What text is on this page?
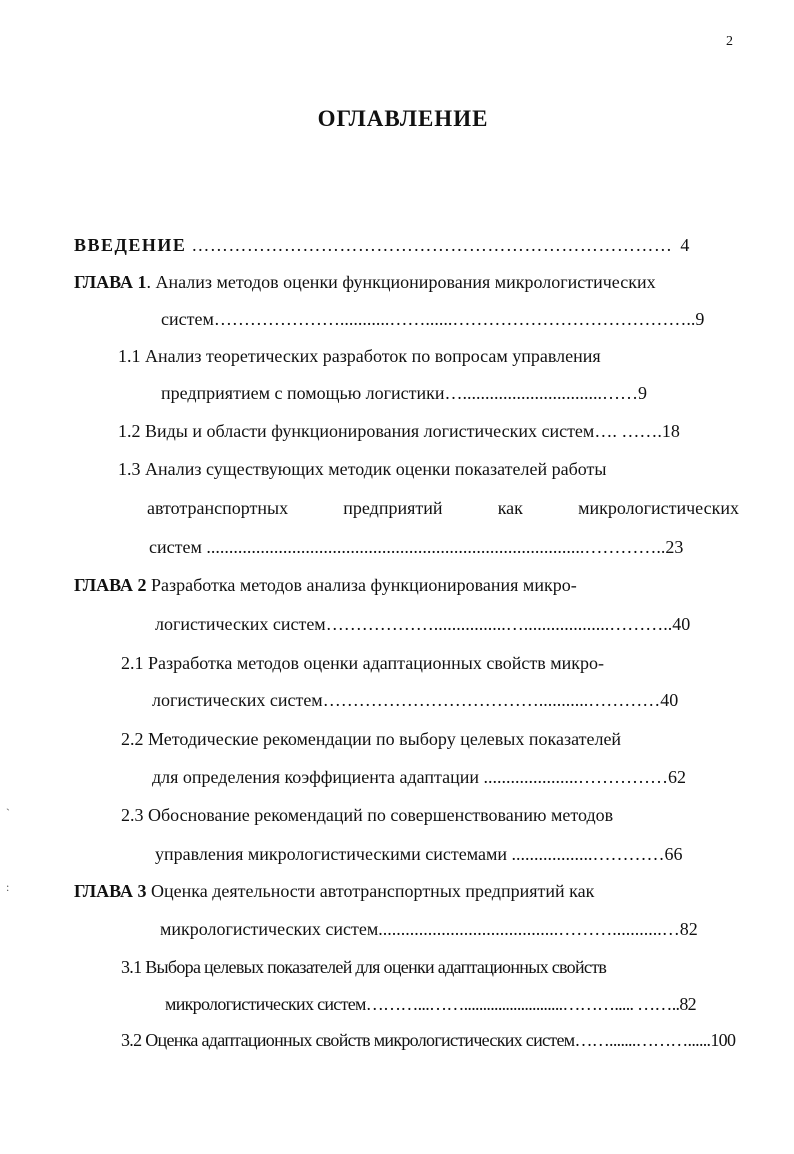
2
ОГЛАВЛЕНИЕ
ВВЕДЕНИЕ …………………………………………………………………… 4
ГЛАВА 1. Анализ методов оценки функционирования микрологистических
систем…………………...........……......…………………………………..9
1.1 Анализ теоретических разработок по вопросам управления
предприятием с помощью логистики…...............................……9
1.2 Виды и области функционирования логистических систем…. …….18
1.3 Анализ существующих методик оценки показателей работы
автотранспортных	предприятий	как	микрологистических
систем ....................................................................................…………..23
ГЛАВА 2 Разработка методов анализа функционирования микро-
логистических систем………………................…...................………..40
2.1 Разработка методов оценки адаптационных свойств микро-
логистических систем………………………………...........…………40
2.2 Методические рекомендации по выбору целевых показателей
для определения коэффициента адаптации .....................……………62
2.3 Обоснование рекомендаций по совершенствованию методов
управления микрологистическими системами ..................…………66
ГЛАВА 3 Оценка деятельности автотранспортных предприятий как
микрологистических систем........................................………...........…82
3.1 Выбора целевых показателей для оценки адаптационных свойств
микрологистических систем………...……..........................………..... ……..82
3.2 Оценка адаптационных свойств микрологистических систем…….......………......100
`
:
